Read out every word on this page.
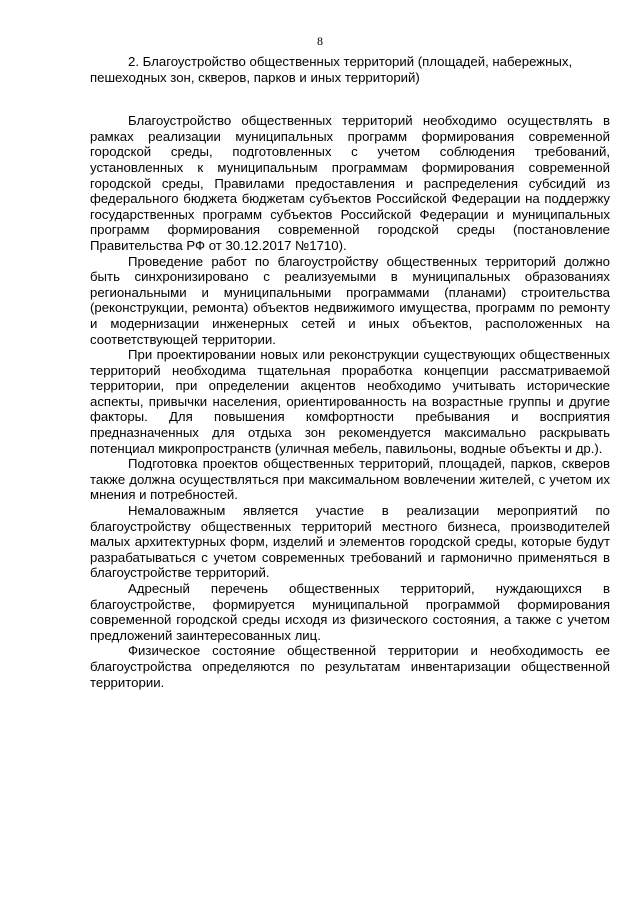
8

2. Благоустройство общественных территорий (площадей, набережных, пешеходных зон, скверов, парков и иных территорий)

Благоустройство общественных территорий необходимо осуществлять в рамках реализации муниципальных программ формирования современной городской среды, подготовленных с учетом соблюдения требований, установленных к муниципальным программам формирования современной городской среды, Правилами предоставления и распределения субсидий из федерального бюджета бюджетам субъектов Российской Федерации на поддержку государственных программ субъектов Российской Федерации и муниципальных программ формирования современной городской среды (постановление Правительства РФ от 30.12.2017 №1710).

Проведение работ по благоустройству общественных территорий должно быть синхронизировано с реализуемыми в муниципальных образованиях региональными и муниципальными программами (планами) строительства (реконструкции, ремонта) объектов недвижимого имущества, программ по ремонту и модернизации инженерных сетей и иных объектов, расположенных на соответствующей территории.

При проектировании новых или реконструкции существующих общественных территорий необходима тщательная проработка концепции рассматриваемой территории, при определении акцентов необходимо учитывать исторические аспекты, привычки населения, ориентированность на возрастные группы и другие факторы. Для повышения комфортности пребывания и восприятия предназначенных для отдыха зон рекомендуется максимально раскрывать потенциал микропространств (уличная мебель, павильоны, водные объекты и др.).

Подготовка проектов общественных территорий, площадей, парков, скверов также должна осуществляться при максимальном вовлечении жителей, с учетом их мнения и потребностей.

Немаловажным является участие в реализации мероприятий по благоустройству общественных территорий местного бизнеса, производителей малых архитектурных форм, изделий и элементов городской среды, которые будут разрабатываться с учетом современных требований и гармонично применяться в благоустройстве территорий.

Адресный перечень общественных территорий, нуждающихся в благоустройстве, формируется муниципальной программой формирования современной городской среды исходя из физического состояния, а также с учетом предложений заинтересованных лиц.

Физическое состояние общественной территории и необходимость ее благоустройства определяются по результатам инвентаризации общественной территории.
